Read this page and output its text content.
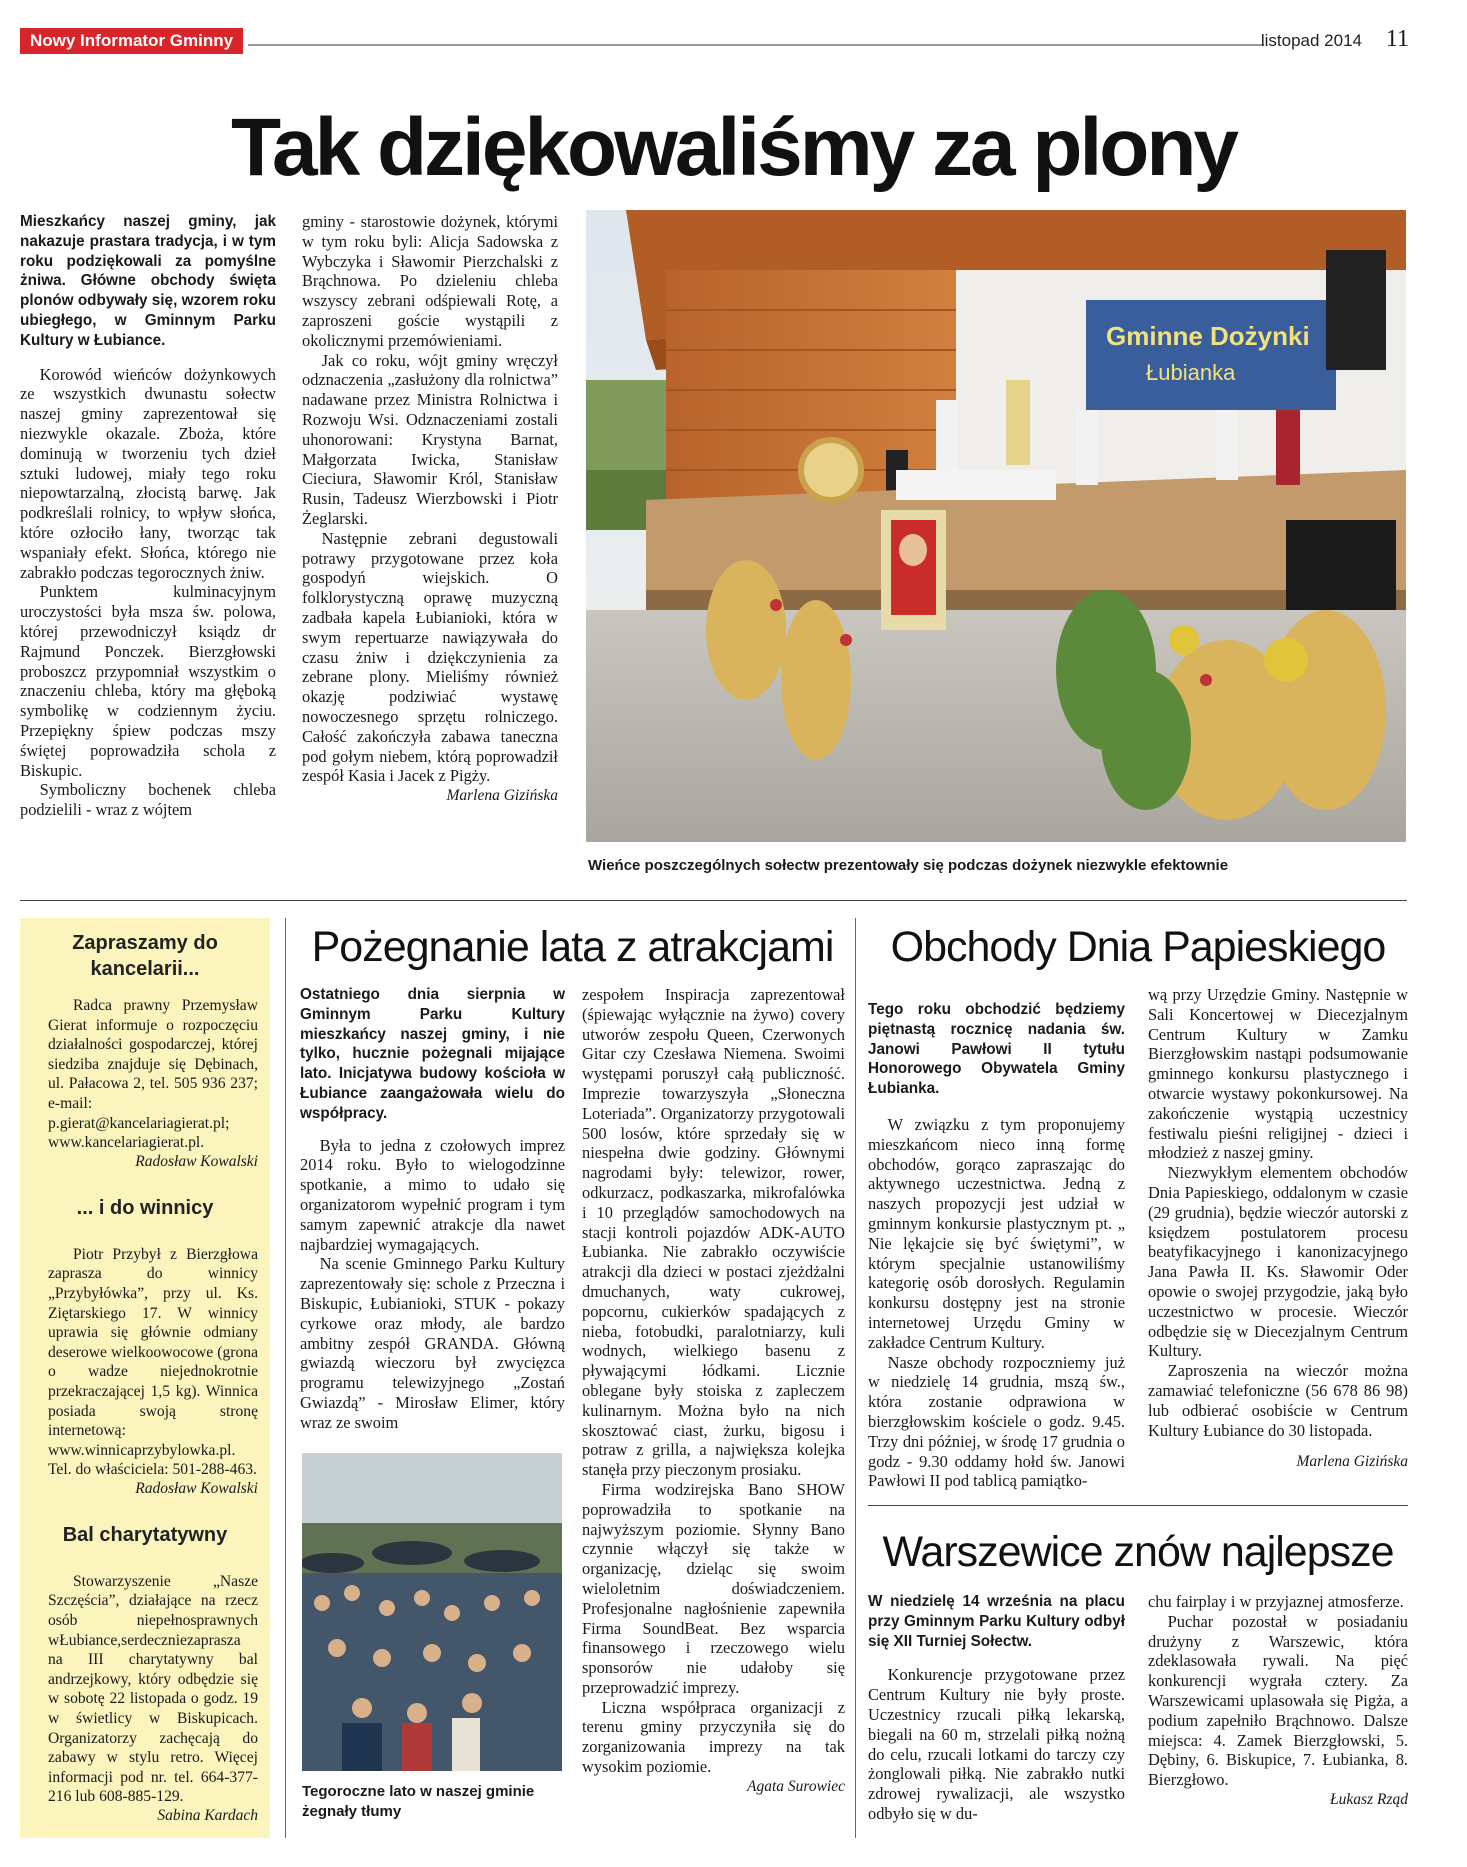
Nowy Informator Gminny	listopad 2014 11
Tak dziękowaliśmy za plony
Mieszkańcy naszej gminy, jak nakazuje prastara tradycja, i w tym roku podziękowali za pomyślne żniwa. Główne obchody święta plonów odbywały się, wzorem roku ubiegłego, w Gminnym Parku Kultury w Łubiance.

Korowód wieńców dożynkowych ze wszystkich dwunastu sołectw naszej gminy zaprezentował się niezwykle okazale. Zboża, które dominują w tworzeniu tych dzieł sztuki ludowej, miały tego roku niepowtarzalną, złocistą barwę. Jak podkreślali rolnicy, to wpływ słońca, które ozłociło łany, tworząc tak wspaniały efekt. Słońca, którego nie zabrakło podczas tegorocznych żniw.

Punktem kulminacyjnym uroczystości była msza św. polowa, której przewodniczył ksiądz dr Rajmund Ponczek. Bierzgłowski proboszcz przypomniał wszystkim o znaczeniu chleba, który ma głęboką symbolikę w codziennym życiu. Przepiękny śpiew podczas mszy świętej poprowadziła schola z Biskupic.

Symboliczny bochenek chleba podzielili - wraz z wójtem

gminy - starostowie dożynek, którymi w tym roku byli: Alicja Sadowska z Wybczyka i Sławomir Pierzchalski z Brąchnowa. Po dzieleniu chleba wszyscy zebrani odśpiewali Rotę, a zaproszeni goście wystąpili z okolicznymi przemówieniami.

Jak co roku, wójt gminy wręczył odznaczenia „zasłużony dla rolnictwa” nadawane przez Ministra Rolnictwa i Rozwoju Wsi. Odznaczeniami zostali uhonorowani: Krystyna Barnat, Małgorzata Iwicka, Stanisław Cieciura, Sławomir Król, Stanisław Rusin, Tadeusz Wierzbowski i Piotr Żeglarski.

Następnie zebrani degustowali potrawy przygotowane przez koła gospodyń wiejskich. O folklorystyczną oprawę muzyczną zadbała kapela Łubianioki, która w swym repertuarze nawiązywała do czasu żniw i dziękczynienia za zebrane plony. Mieliśmy również okazję podziwiać wystawę nowoczesnego sprzętu rolniczego. Całość zakończyła zabawa taneczna pod gołym niebem, którą poprowadził zespół Kasia i Jacek z Pigży.

Marlena Gizińska
Gminne Dożynki
Łubianka
Wieńce poszczególnych sołectw prezentowały się podczas dożynek niezwykle efektownie
Zapraszamy do kancelarii...

Radca prawny Przemysław Gierat informuje o rozpoczęciu działalności gospodarczej, której siedziba znajduje się Dębinach, ul. Pałacowa 2, tel. 505 936 237; e-mail: p.gierat@kancelariagierat.pl; www.kancelariagierat.pl.

Radosław Kowalski
... i do winnicy

Piotr Przybył z Bierzgłowa zaprasza do winnicy „Przybyłówka”, przy ul. Ks. Ziętarskiego 17. W winnicy uprawia się głównie odmiany deserowe wielkoowocowe (grona o wadze niejednokrotnie przekraczającej 1,5 kg). Winnica posiada swoją stronę internetową: www.winnicaprzybylowka.pl. Tel. do właściciela: 501-288-463.

Radosław Kowalski
Bal charytatywny

Stowarzyszenie „Nasze Szczęścia”, działające na rzecz osób niepełnosprawnych wŁubiance,serdeczniezaprasza na III charytatywny bal andrzejkowy, który odbędzie się w sobotę 22 listopada o godz. 19 w świetlicy w Biskupicach. Organizatorzy zachęcają do zabawy w stylu retro. Więcej informacji pod nr. tel. 664-377-216 lub 608-885-129.

Sabina Kardach
Pożegnanie lata z atrakcjami
Ostatniego dnia sierpnia w Gminnym Parku Kultury mieszkańcy naszej gminy, i nie tylko, hucznie pożegnali mijające lato. Inicjatywa budowy kościoła w Łubiance zaangażowała wielu do współpracy.

Była to jedna z czołowych imprez 2014 roku. Było to wielogodzinne spotkanie, a mimo to udało się organizatorom wypełnić program i tym samym zapewnić atrakcje dla nawet najbardziej wymagających.

Na scenie Gminnego Parku Kultury zaprezentowały się: schole z Przeczna i Biskupic, Łubianioki, STUK - pokazy cyrkowe oraz młody, ale bardzo ambitny zespół GRANDA. Główną gwiazdą wieczoru był zwycięzca programu telewizyjnego „Zostań Gwiazdą” - Mirosław Elimer, który wraz ze swoim

Tegoroczne lato w naszej gminie żegnały tłumy

zespołem Inspiracja zaprezentował (śpiewając wyłącznie na żywo) covery utworów zespołu Queen, Czerwonych Gitar czy Czesława Niemena. Swoimi występami poruszył całą publiczność. Imprezie towarzyszyła „Słoneczna Loteriada”. Organizatorzy przygotowali 500 losów, które sprzedały się w niespełna dwie godziny. Głównymi nagrodami były: telewizor, rower, odkurzacz, podkaszarka, mikrofalówka i 10 przeglądów samochodowych na stacji kontroli pojazdów ADK-AUTO Łubianka. Nie zabrakło oczywiście atrakcji dla dzieci w postaci zjeżdżalni dmuchanych, waty cukrowej, popcornu, cukierków spadających z nieba, fotobudki, paralotniarzy, kuli wodnych, wielkiego basenu z pływającymi łódkami. Licznie oblegane były stoiska z zapleczem kulinarnym. Można było na nich skosztować ciast, żurku, bigosu i potraw z grilla, a największa kolejka stanęła przy pieczonym prosiaku.

Firma wodzirejska Bano SHOW poprowadziła to spotkanie na najwyższym poziomie. Słynny Bano czynnie włączył się także w organizację, dzieląc się swoim wieloletnim doświadczeniem. Profesjonalne nagłośnienie zapewniła Firma SoundBeat. Bez wsparcia finansowego i rzeczowego wielu sponsorów nie udałoby się przeprowadzić imprezy.

Liczna współpraca organizacji z terenu gminy przyczyniła się do zorganizowania imprezy na tak wysokim poziomie.

Agata Surowiec
Obchody Dnia Papieskiego
Tego roku obchodzić będziemy piętnastą rocznicę nadania św. Janowi Pawłowi II tytułu Honorowego Obywatela Gminy Łubianka.

W związku z tym proponujemy mieszkańcom nieco inną formę obchodów, gorąco zapraszając do aktywnego uczestnictwa. Jedną z naszych propozycji jest udział w gminnym konkursie plastycznym pt. „ Nie lękajcie się być świętymi”, w którym specjalnie ustanowiliśmy kategorię osób dorosłych. Regulamin konkursu dostępny jest na stronie internetowej Urzędu Gminy w zakładce Centrum Kultury.

Nasze obchody rozpoczniemy już w niedzielę 14 grudnia, mszą św., która zostanie odprawiona w bierzgłowskim kościele o godz. 9.45. Trzy dni później, w środę 17 grudnia o godz - 9.30 oddamy hołd św. Janowi Pawłowi II pod tablicą pamiątko-

wą przy Urzędzie Gminy. Następnie w Sali Koncertowej w Diecezjalnym Centrum Kultury w Zamku Bierzgłowskim nastąpi podsumowanie gminnego konkursu plastycznego i otwarcie wystawy pokonkursowej. Na zakończenie wystąpią uczestnicy festiwalu pieśni religijnej - dzieci i młodzież z naszej gminy.

Niezwykłym elementem obchodów Dnia Papieskiego, oddalonym w czasie (29 grudnia), będzie wieczór autorski z księdzem postulatorem procesu beatyfikacyjnego i kanonizacyjnego Jana Pawła II. Ks. Sławomir Oder opowie o swojej przygodzie, jaką było uczestnictwo w procesie. Wieczór odbędzie się w Diecezjalnym Centrum Kultury.

Zaproszenia na wieczór można zamawiać telefoniczne (56 678 86 98) lub odbierać osobiście w Centrum Kultury Łubiance do 30 listopada.

Marlena Gizińska
Warszewice znów najlepsze
W niedzielę 14 września na placu przy Gminnym Parku Kultury odbył się XII Turniej Sołectw.

Konkurencje przygotowane przez Centrum Kultury nie były proste. Uczestnicy rzucali piłką lekarską, biegali na 60 m, strzelali piłką nożną do celu, rzucali lotkami do tarczy czy żonglowali piłką. Nie zabrakło nutki zdrowej rywalizacji, ale wszystko odbyło się w du-

chu fairplay i w przyjaznej atmosferze.

Puchar pozostał w posiadaniu drużyny z Warszewic, która zdeklasowała rywali. Na pięć konkurencji wygrała cztery. Za Warszewicami uplasowała się Pigża, a podium zapełniło Brąchnowo. Dalsze miejsca: 4. Zamek Bierzgłowski, 5. Dębiny, 6. Biskupice, 7. Łubianka, 8. Bierzgłowo.

Łukasz Rząd
